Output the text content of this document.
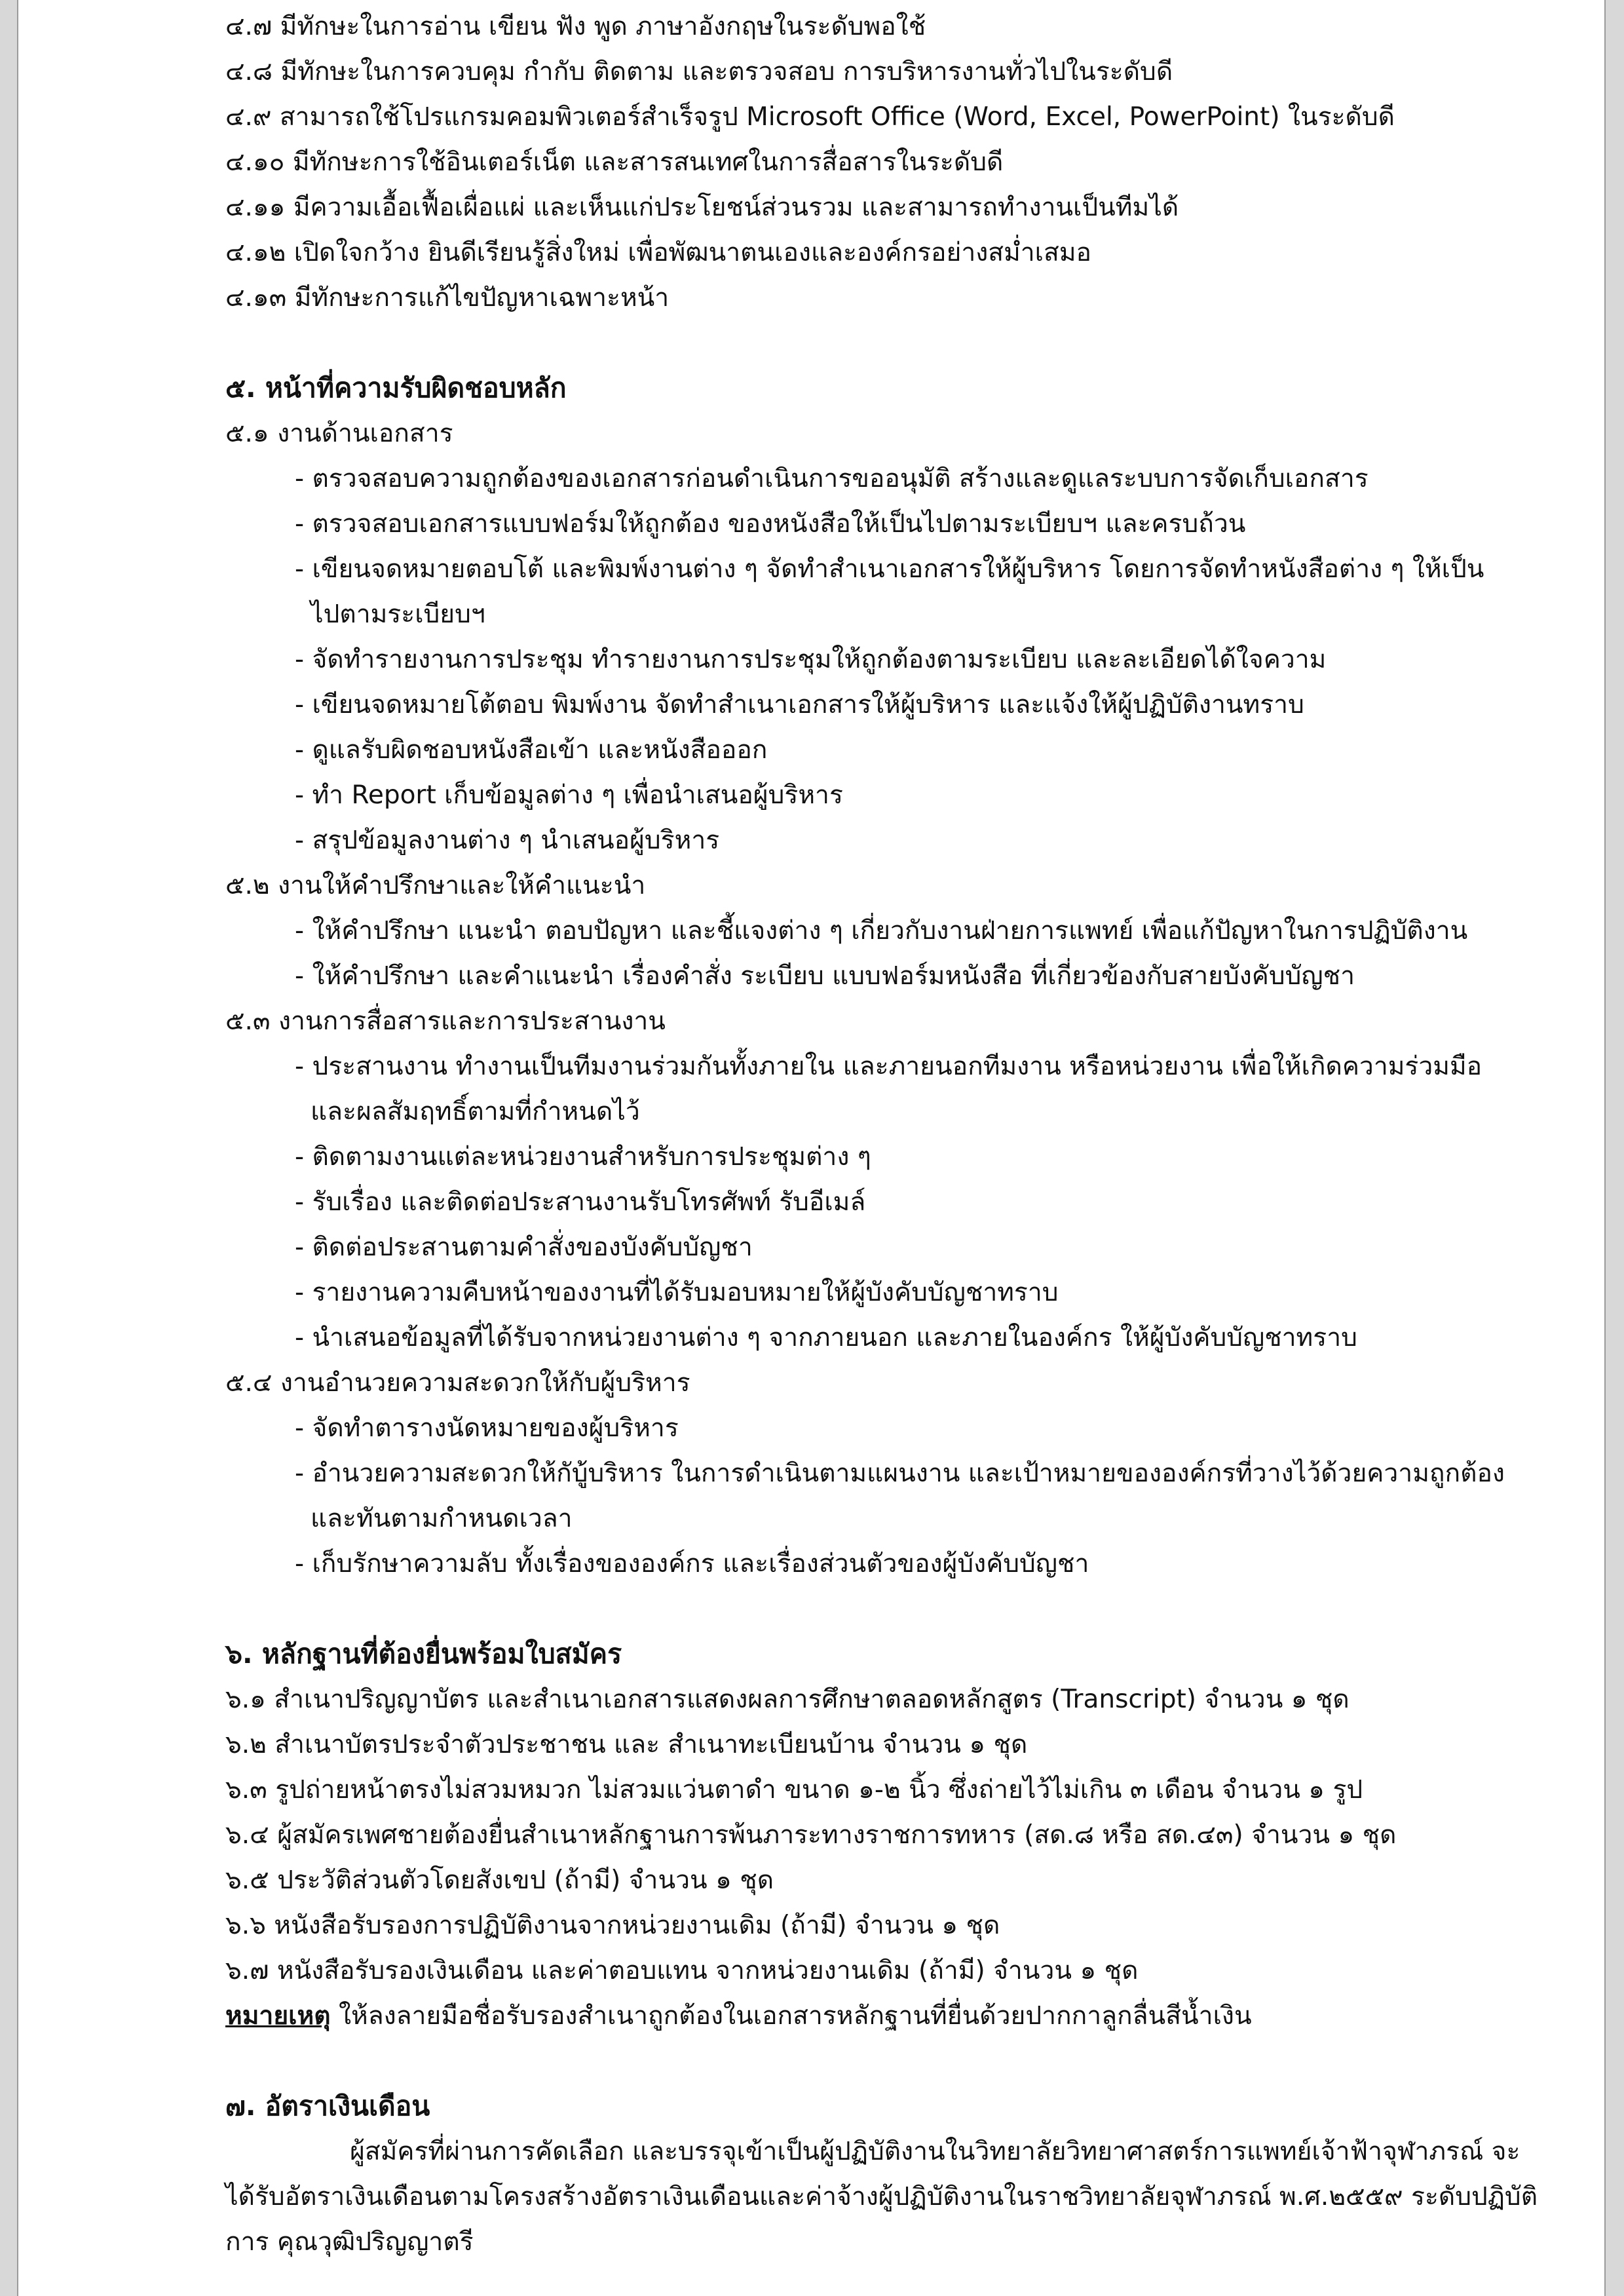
๔.๗ มีทักษะในการอ่าน เขียน ฟัง พูด ภาษาอังกฤษในระดับพอใช้
๔.๘ มีทักษะในการควบคุม กำกับ ติดตาม และตรวจสอบ การบริหารงานทั่วไปในระดับดี
๔.๙ สามารถใช้โปรแกรมคอมพิวเตอร์สำเร็จรูป Microsoft Office (Word, Excel, PowerPoint) ในระดับดี
๔.๑๐ มีทักษะการใช้อินเตอร์เน็ต และสารสนเทศในการสื่อสารในระดับดี
๔.๑๑ มีความเอื้อเฟื้อเผื่อแผ่ และเห็นแก่ประโยชน์ส่วนรวม และสามารถทำงานเป็นทีมได้
๔.๑๒ เปิดใจกว้าง ยินดีเรียนรู้สิ่งใหม่ เพื่อพัฒนาตนเองและองค์กรอย่างสม่ำเสมอ
๔.๑๓ มีทักษะการแก้ไขปัญหาเฉพาะหน้า
๕. หน้าที่ความรับผิดชอบหลัก
๕.๑ งานด้านเอกสาร
- ตรวจสอบความถูกต้องของเอกสารก่อนดำเนินการขออนุมัติ สร้างและดูแลระบบการจัดเก็บเอกสาร
- ตรวจสอบเอกสารแบบฟอร์มให้ถูกต้อง ของหนังสือให้เป็นไปตามระเบียบฯ และครบถ้วน
- เขียนจดหมายตอบโต้ และพิมพ์งานต่าง ๆ จัดทำสำเนาเอกสารให้ผู้บริหาร โดยการจัดทำหนังสือต่าง ๆ ให้เป็น
ไปตามระเบียบฯ
- จัดทำรายงานการประชุม ทำรายงานการประชุมให้ถูกต้องตามระเบียบ และละเอียดได้ใจความ
- เขียนจดหมายโต้ตอบ พิมพ์งาน จัดทำสำเนาเอกสารให้ผู้บริหาร และแจ้งให้ผู้ปฏิบัติงานทราบ
- ดูแลรับผิดชอบหนังสือเข้า และหนังสือออก
- ทำ Report เก็บข้อมูลต่าง ๆ เพื่อนำเสนอผู้บริหาร
- สรุปข้อมูลงานต่าง ๆ นำเสนอผู้บริหาร
๕.๒ งานให้คำปรึกษาและให้คำแนะนำ
- ให้คำปรึกษา แนะนำ ตอบปัญหา และชี้แจงต่าง ๆ เกี่ยวกับงานฝ่ายการแพทย์ เพื่อแก้ปัญหาในการปฏิบัติงาน
- ให้คำปรึกษา และคำแนะนำ เรื่องคำสั่ง ระเบียบ แบบฟอร์มหนังสือ ที่เกี่ยวข้องกับสายบังคับบัญชา
๕.๓ งานการสื่อสารและการประสานงาน
- ประสานงาน ทำงานเป็นทีมงานร่วมกันทั้งภายใน และภายนอกทีมงาน หรือหน่วยงาน เพื่อให้เกิดความร่วมมือ
และผลสัมฤทธิ์ตามที่กำหนดไว้
- ติดตามงานแต่ละหน่วยงานสำหรับการประชุมต่าง ๆ
- รับเรื่อง และติดต่อประสานงานรับโทรศัพท์ รับอีเมล์
- ติดต่อประสานตามคำสั่งของบังคับบัญชา
- รายงานความคืบหน้าของงานที่ได้รับมอบหมายให้ผู้บังคับบัญชาทราบ
- นำเสนอข้อมูลที่ได้รับจากหน่วยงานต่าง ๆ จากภายนอก และภายในองค์กร ให้ผู้บังคับบัญชาทราบ
๕.๔ งานอำนวยความสะดวกให้กับผู้บริหาร
- จัดทำตารางนัดหมายของผู้บริหาร
- อำนวยความสะดวกให้กับู้บริหาร ในการดำเนินตามแผนงาน และเป้าหมายขององค์กรที่วางไว้ด้วยความถูกต้อง
และทันตามกำหนดเวลา
- เก็บรักษาความลับ ทั้งเรื่องขององค์กร และเรื่องส่วนตัวของผู้บังคับบัญชา
๖. หลักฐานที่ต้องยื่นพร้อมใบสมัคร
๖.๑ สำเนาปริญญาบัตร และสำเนาเอกสารแสดงผลการศึกษาตลอดหลักสูตร (Transcript) จำนวน ๑ ชุด
๖.๒ สำเนาบัตรประจำตัวประชาชน และ สำเนาทะเบียนบ้าน จำนวน ๑ ชุด
๖.๓ รูปถ่ายหน้าตรงไม่สวมหมวก ไม่สวมแว่นตาดำ ขนาด ๑-๒ นิ้ว ซึ่งถ่ายไว้ไม่เกิน ๓ เดือน จำนวน ๑ รูป
๖.๔ ผู้สมัครเพศชายต้องยื่นสำเนาหลักฐานการพ้นภาระทางราชการทหาร (สด.๘ หรือ สด.๔๓) จำนวน ๑ ชุด
๖.๕ ประวัติส่วนตัวโดยสังเขป (ถ้ามี) จำนวน ๑ ชุด
๖.๖ หนังสือรับรองการปฏิบัติงานจากหน่วยงานเดิม (ถ้ามี) จำนวน ๑ ชุด
๖.๗ หนังสือรับรองเงินเดือน และค่าตอบแทน จากหน่วยงานเดิม (ถ้ามี) จำนวน ๑ ชุด
หมายเหตุ ให้ลงลายมือชื่อรับรองสำเนาถูกต้องในเอกสารหลักฐานที่ยื่นด้วยปากกาลูกลื่นสีน้ำเงิน
๗. อัตราเงินเดือน
ผู้สมัครที่ผ่านการคัดเลือก และบรรจุเข้าเป็นผู้ปฏิบัติงานในวิทยาลัยวิทยาศาสตร์การแพทย์เจ้าฟ้าจุฬาภรณ์ จะ
ได้รับอัตราเงินเดือนตามโครงสร้างอัตราเงินเดือนและค่าจ้างผู้ปฏิบัติงานในราชวิทยาลัยจุฬาภรณ์ พ.ศ.๒๕๕๙ ระดับปฏิบัติ
การ คุณวุฒิปริญญาตรี
